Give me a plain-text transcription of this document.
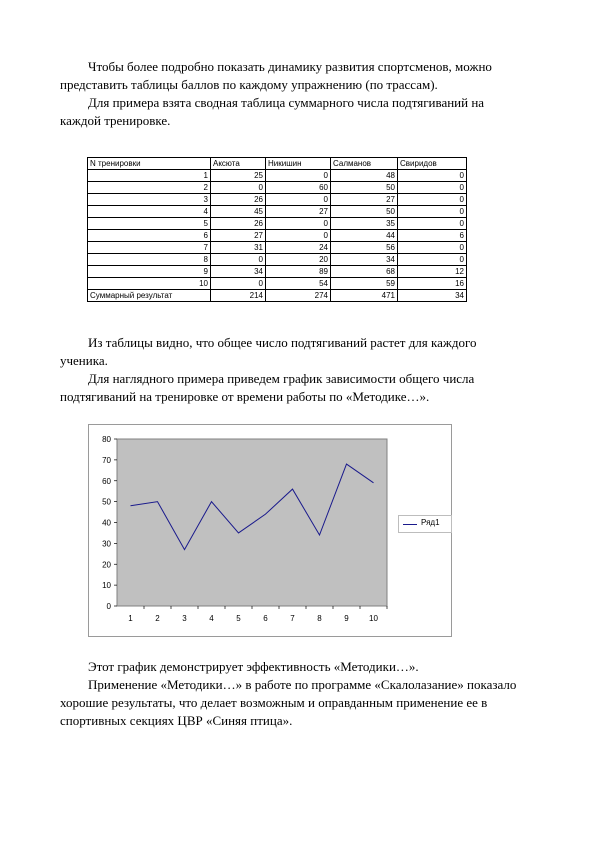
Чтобы более подробно показать динамику развития спортсменов, можно

представить таблицы баллов по каждому упражнению (по трассам).

Для примера взята сводная таблица суммарного числа подтягиваний на

каждой тренировке.

N тренировки	Аксюта	Никишин	Салманов	Свиридов
1	25	0	48	0
2	0	60	50	0
3	26	0	27	0
4	45	27	50	0
5	26	0	35	0
6	27	0	44	6
7	31	24	56	0
8	0	20	34	0
9	34	89	68	12
10	0	54	59	16
Суммарный результат	214	274	471	34

Из таблицы видно, что общее число подтягиваний растет для каждого

ученика.

Для наглядного примера приведем график зависимости общего числа

подтягиваний на тренировке от времени работы по «Методике…».

0
10
20
30
40
50
60
70
80
1	2	3	4	5	6	7	8	9	10
Ряд1

Этот график демонстрирует эффективность «Методики…».

Применение «Методики…» в работе по программе «Скалолазание» показало

хорошие результаты, что делает возможным и оправданным применение ее в

спортивных секциях ЦВР «Синяя птица».
